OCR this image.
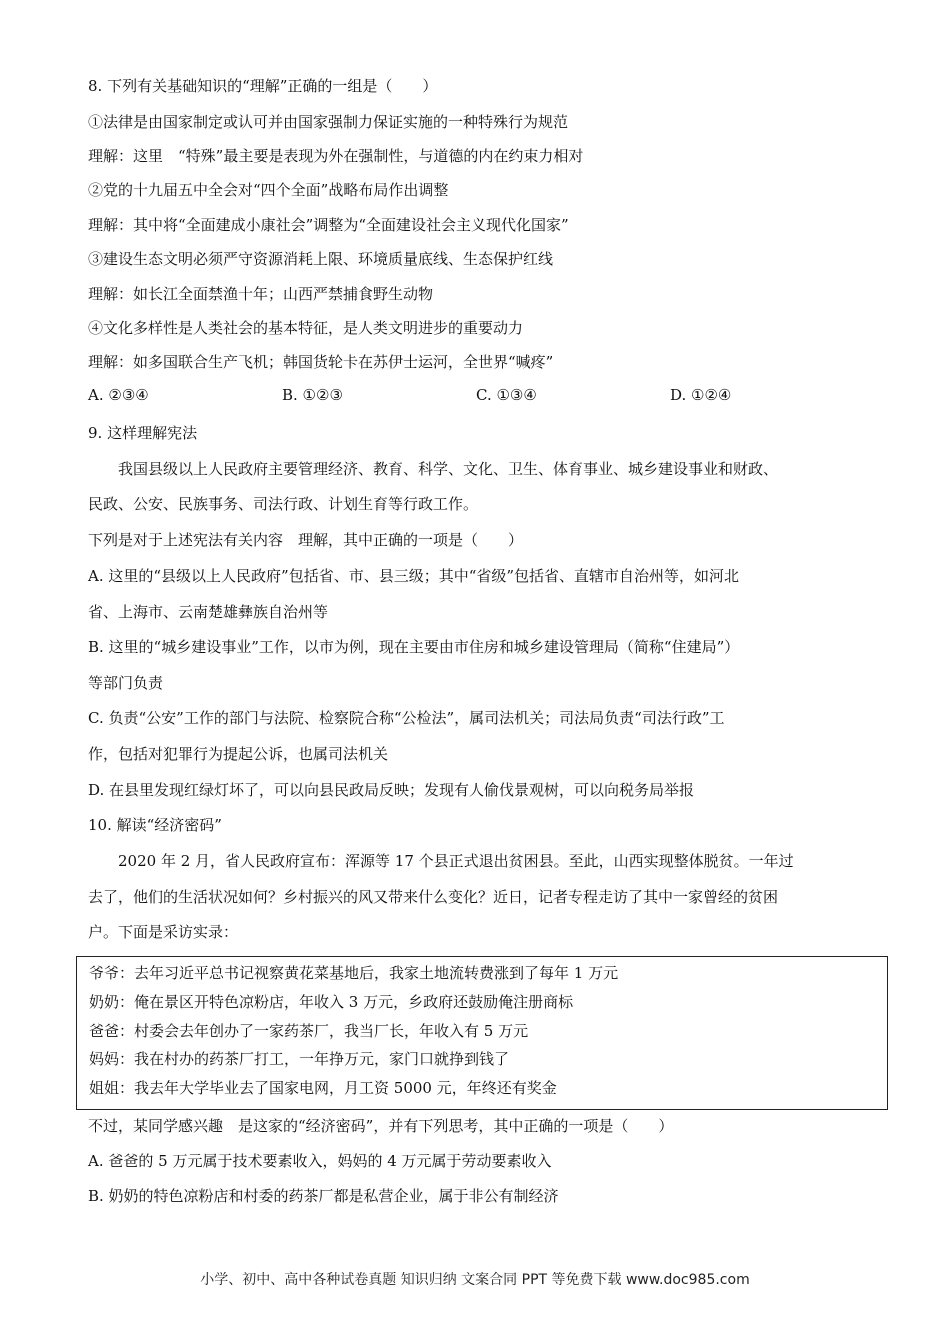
8. 下列有关基础知识的“理解”正确的一组是（　　）
①法律是由国家制定或认可并由国家强制力保证实施的一种特殊行为规范
理解：这里　“特殊”最主要是表现为外在强制性，与道德的内在约束力相对
②党的十九届五中全会对“四个全面”战略布局作出调整
理解：其中将“全面建成小康社会”调整为“全面建设社会主义现代化国家”
③建设生态文明必须严守资源消耗上限、环境质量底线、生态保护红线
理解：如长江全面禁渔十年；山西严禁捕食野生动物
④文化多样性是人类社会的基本特征，是人类文明进步的重要动力
理解：如多国联合生产飞机；韩国货轮卡在苏伊士运河，全世界“喊疼”
A. ②③④	B. ①②③	C. ①③④	D. ①②④
9. 这样理解宪法
我国县级以上人民政府主要管理经济、教育、科学、文化、卫生、体育事业、城乡建设事业和财政、
民政、公安、民族事务、司法行政、计划生育等行政工作。
下列是对于上述宪法有关内容　理解，其中正确的一项是（　　）
A. 这里的“县级以上人民政府”包括省、市、县三级；其中“省级”包括省、直辖市自治州等，如河北
省、上海市、云南楚雄彝族自治州等
B. 这里的“城乡建设事业”工作，以市为例，现在主要由市住房和城乡建设管理局（简称“住建局”）
等部门负责
C. 负责“公安”工作的部门与法院、检察院合称“公检法”，属司法机关；司法局负责“司法行政”工
作，包括对犯罪行为提起公诉，也属司法机关
D. 在县里发现红绿灯坏了，可以向县民政局反映；发现有人偷伐景观树，可以向税务局举报
10. 解读“经济密码”
2020 年 2 月，省人民政府宣布：浑源等 17 个县正式退出贫困县。至此，山西实现整体脱贫。一年过
去了，他们的生活状况如何？乡村振兴的风又带来什么变化？近日，记者专程走访了其中一家曾经的贫困
户。下面是采访实录：
爷爷：去年习近平总书记视察黄花菜基地后，我家土地流转费涨到了每年 1 万元
奶奶：俺在景区开特色凉粉店，年收入 3 万元，乡政府还鼓励俺注册商标
爸爸：村委会去年创办了一家药茶厂，我当厂长，年收入有 5 万元
妈妈：我在村办的药茶厂打工，一年挣万元，家门口就挣到钱了
姐姐：我去年大学毕业去了国家电网，月工资 5000 元，年终还有奖金
不过，某同学感兴趣　是这家的“经济密码”，并有下列思考，其中正确的一项是（　　）
A. 爸爸的 5 万元属于技术要素收入，妈妈的 4 万元属于劳动要素收入
B. 奶奶的特色凉粉店和村委的药茶厂都是私营企业，属于非公有制经济
小学、初中、高中各种试卷真题 知识归纳 文案合同 PPT 等免费下载 www.doc985.com
